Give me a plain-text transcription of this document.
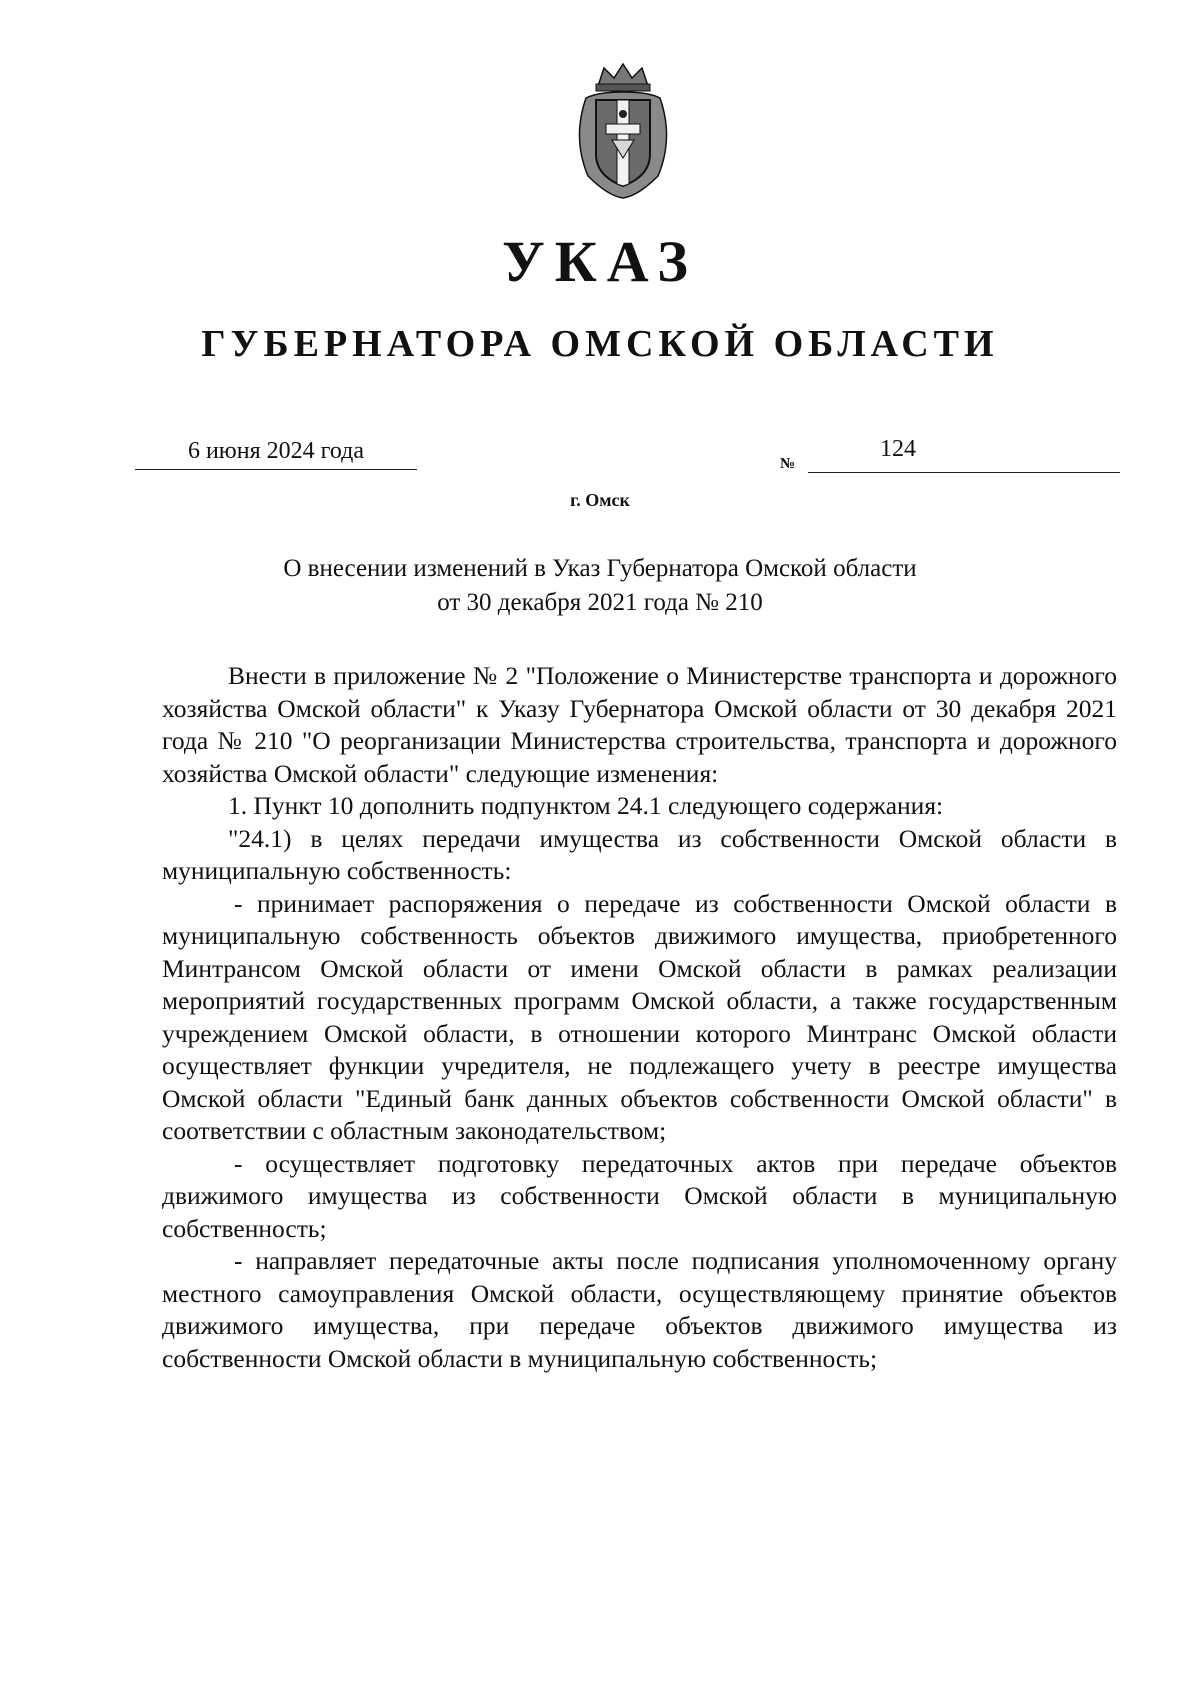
УКАЗ
ГУБЕРНАТОРА ОМСКОЙ ОБЛАСТИ
6 июня 2024 года	№
124
г. Омск
О внесении изменений в Указ Губернатора Омской области
от 30 декабря 2021 года № 210

Внести в приложение № 2 "Положение о Министерстве транспорта и дорожного хозяйства Омской области" к Указу Губернатора Омской области от 30 декабря 2021 года № 210 "О реорганизации Министерства строительства, транспорта и дорожного хозяйства Омской области" следующие изменения:

1. Пункт 10 дополнить подпунктом 24.1 следующего содержания:

"24.1) в целях передачи имущества из собственности Омской области в муниципальную собственность:

- принимает распоряжения о передаче из собственности Омской области в муниципальную собственность объектов движимого имущества, приобретенного Минтрансом Омской области от имени Омской области в рамках реализации мероприятий государственных программ Омской области, а также государственным учреждением Омской области, в отношении которого Минтранс Омской области осуществляет функции учредителя, не подлежащего учету в реестре имущества Омской области "Единый банк данных объектов собственности Омской области" в соответствии с областным законодательством;

- осуществляет подготовку передаточных актов при передаче объектов движимого имущества из собственности Омской области в муниципальную собственность;

- направляет передаточные акты после подписания уполномоченному органу местного самоуправления Омской области, осуществляющему принятие объектов движимого имущества, при передаче объектов движимого имущества из собственности Омской области в муниципальную собственность;
